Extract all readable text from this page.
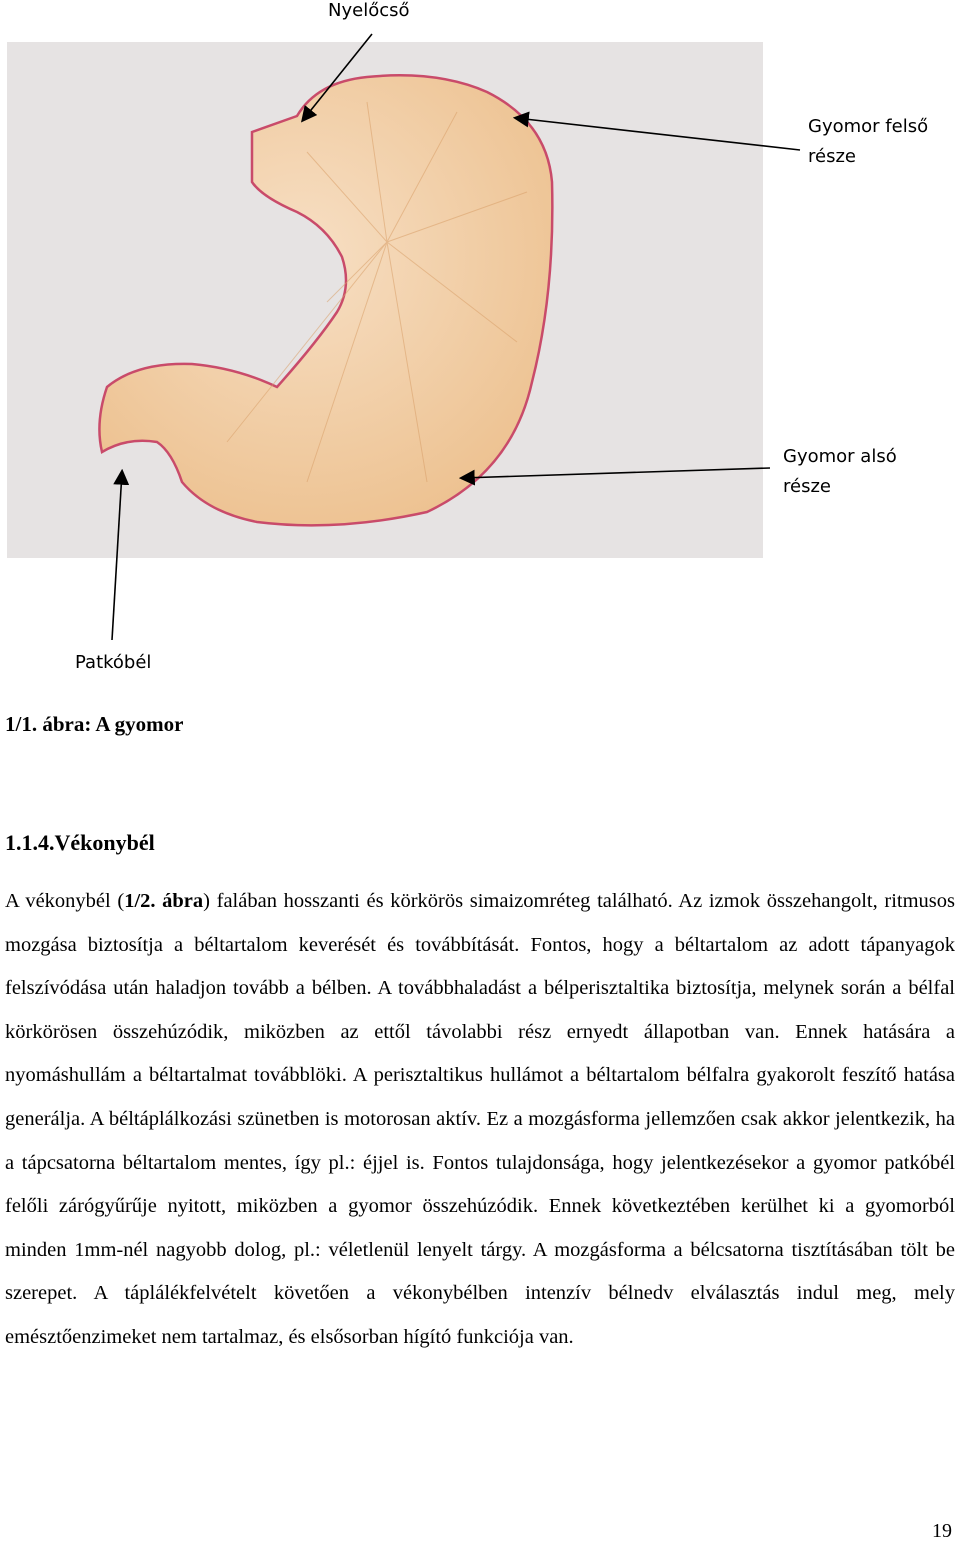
Nyelőcső
Gyomor felső része
Gyomor alsó része
Patkóbél
1/1. ábra: A gyomor
1.1.4.Vékonybél
A vékonybél (1/2. ábra) falában hosszanti és körkörös simaizomréteg található. Az izmok összehangolt, ritmusos mozgása biztosítja a béltartalom keverését és továbbítását. Fontos, hogy a béltartalom az adott tápanyagok felszívódása után haladjon tovább a bélben. A továbbhaladást a bélperisztaltika biztosítja, melynek során a bélfal körkörösen összehúzódik, miközben az ettől távolabbi rész ernyedt állapotban van. Ennek hatására a nyomáshullám a béltartalmat továbblöki. A perisztaltikus hullámot a béltartalom bélfalra gyakorolt feszítő hatása generálja. A béltáplálkozási szünetben is motorosan aktív. Ez a mozgásforma jellemzően csak akkor jelentkezik, ha a tápcsatorna béltartalom mentes, így pl.: éjjel is. Fontos tulajdonsága, hogy jelentkezésekor a gyomor patkóbél felőli zárógyűrűje nyitott, miközben a gyomor összehúzódik. Ennek következtében kerülhet ki a gyomorból minden 1mm-nél nagyobb dolog, pl.: véletlenül lenyelt tárgy. A mozgásforma a bélcsatorna tisztításában tölt be szerepet. A táplálékfelvételt követően a vékonybélben intenzív bélnedv elválasztás indul meg, mely emésztőenzimeket nem tartalmaz, és elsősorban hígító funkciója van.
19
